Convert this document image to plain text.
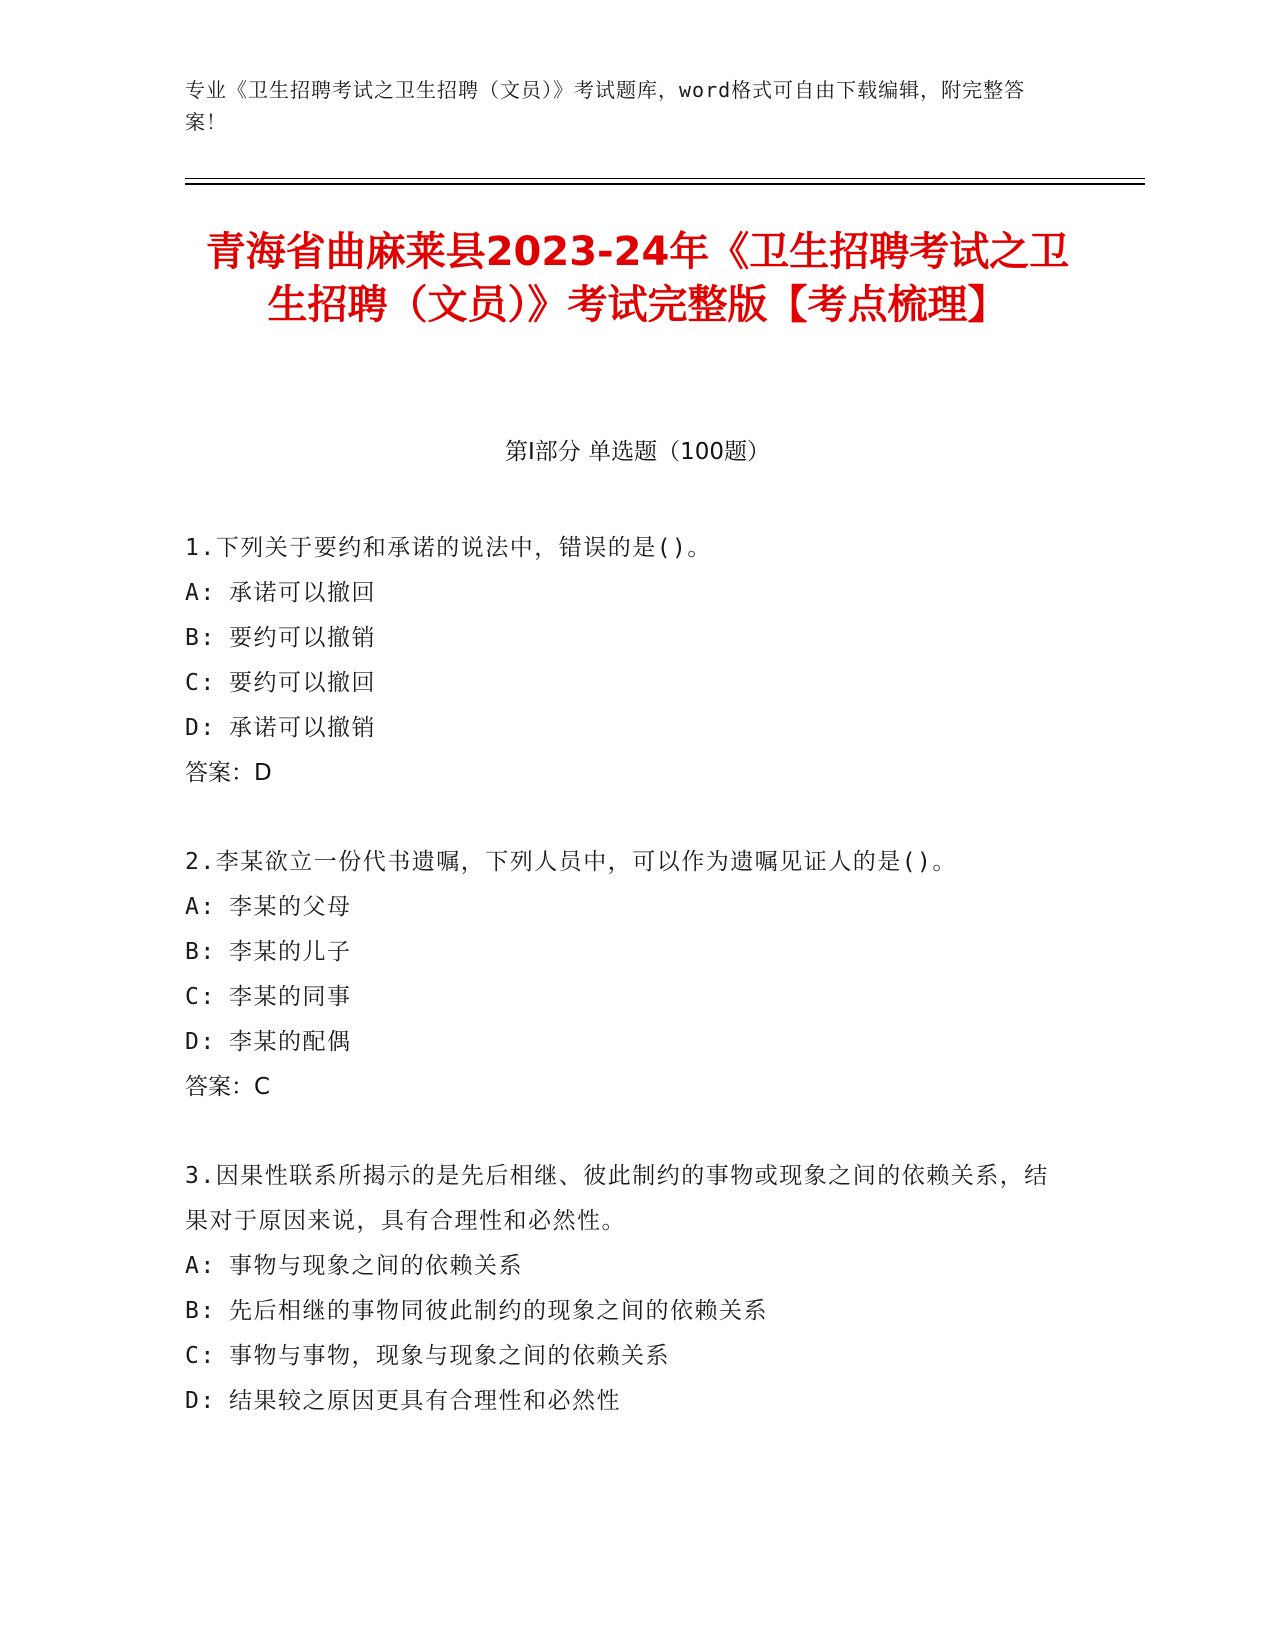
专业《卫生招聘考试之卫生招聘（文员）》考试题库，word格式可自由下载编辑，附完整答案！
青海省曲麻莱县2023-24年《卫生招聘考试之卫生招聘（文员）》考试完整版【考点梳理】
第Ⅰ部分 单选题（100题）
1.下列关于要约和承诺的说法中，错误的是()。
A: 承诺可以撤回
B: 要约可以撤销
C: 要约可以撤回
D: 承诺可以撤销
答案：D
2.李某欲立一份代书遗嘱，下列人员中，可以作为遗嘱见证人的是()。
A: 李某的父母
B: 李某的儿子
C: 李某的同事
D: 李某的配偶
答案：C
3.因果性联系所揭示的是先后相继、彼此制约的事物或现象之间的依赖关系，结果对于原因来说，具有合理性和必然性。
A: 事物与现象之间的依赖关系
B: 先后相继的事物同彼此制约的现象之间的依赖关系
C: 事物与事物，现象与现象之间的依赖关系
D: 结果较之原因更具有合理性和必然性
